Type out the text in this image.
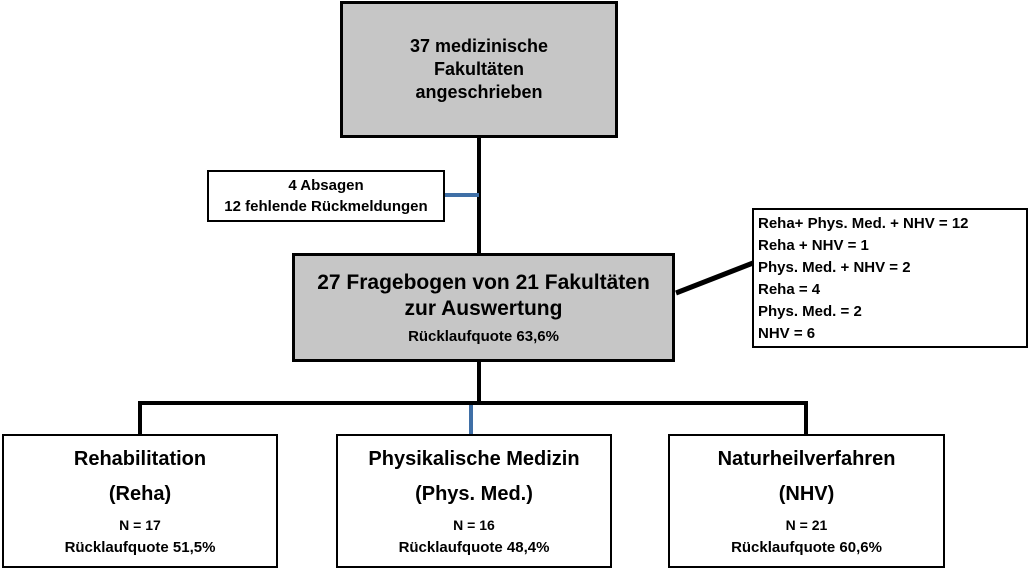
37 medizinische
Fakultäten
angeschrieben
4 Absagen
12 fehlende Rückmeldungen
27 Fragebogen von 21 Fakultäten
zur Auswertung
Rücklaufquote 63,6%
Reha+ Phys. Med. + NHV = 12
Reha + NHV = 1
Phys. Med. + NHV = 2
Reha = 4
Phys. Med. = 2
NHV = 6
Rehabilitation
(Reha)
N = 17
Rücklaufquote 51,5%
Physikalische Medizin
(Phys. Med.)
N = 16
Rücklaufquote 48,4%
Naturheilverfahren
(NHV)
N = 21
Rücklaufquote 60,6%
